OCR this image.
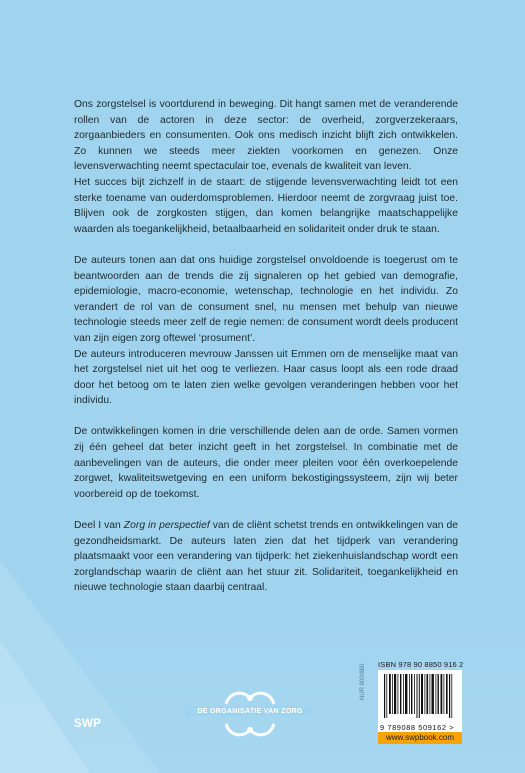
Ons zorgstelsel is voortdurend in beweging. Dit hangt samen met de veranderende rollen van de actoren in deze sector: de overheid, zorgverzekeraars, zorgaanbieders en consumenten. Ook ons medisch inzicht blijft zich ontwikkelen. Zo kunnen we steeds meer ziekten voorkomen en genezen. Onze levensverwachting neemt spectaculair toe, evenals de kwaliteit van leven.

Het succes bijt zichzelf in de staart: de stijgende levensverwachting leidt tot een sterke toename van ouderdomsproblemen. Hierdoor neemt de zorgvraag juist toe. Blijven ook de zorgkosten stijgen, dan komen belangrijke maatschappelijke waarden als toegankelijkheid, betaalbaarheid en solidariteit onder druk te staan.

De auteurs tonen aan dat ons huidige zorgstelsel onvoldoende is toegerust om te beantwoorden aan de trends die zij signaleren op het gebied van demografie, epidemiologie, macro-economie, wetenschap, technologie en het individu. Zo verandert de rol van de consument snel, nu mensen met behulp van nieuwe technologie steeds meer zelf de regie nemen: de consument wordt deels producent van zijn eigen zorg oftewel ‘prosument’.

De auteurs introduceren mevrouw Janssen uit Emmen om de menselijke maat van het zorgstelsel niet uit het oog te verliezen. Haar casus loopt als een rode draad door het betoog om te laten zien welke gevolgen veranderingen hebben voor het individu.

De ontwikkelingen komen in drie verschillende delen aan de orde. Samen vormen zij één geheel dat beter inzicht geeft in het zorgstelsel. In combinatie met de aanbevelingen van de auteurs, die onder meer pleiten voor één overkoepelende zorgwet, kwaliteitswetgeving en een uniform bekostigingssysteem, zijn wij beter voorbereid op de toekomst.

Deel I van Zorg in perspectief van de cliënt schetst trends en ontwikkelingen van de gezondheidsmarkt. De auteurs laten zien dat het tijdperk van verandering plaatsmaakt voor een verandering van tijdperk: het ziekenhuislandschap wordt een zorglandschap waarin de cliënt aan het stuur zit. Solidariteit, toegankelijkheid en nieuwe technologie staan daarbij centraal.

SWP
DE ORGANISATIE VAN ZORG
NUR 800/860 ISBN 978 90 8850 916 2
9 789088 509162 >
www.swpbook.com
